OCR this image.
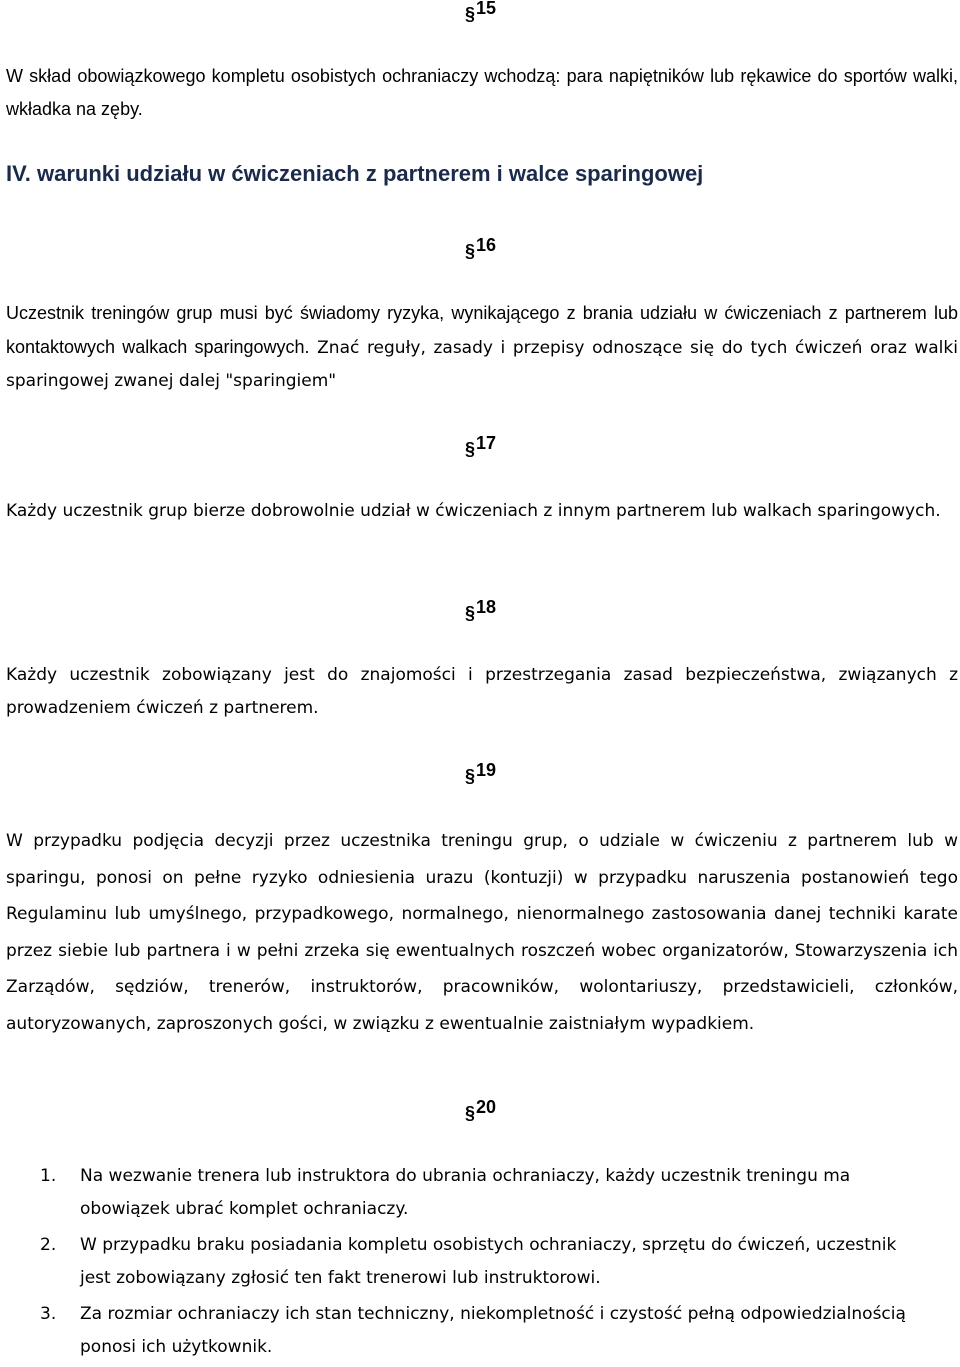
§15

W skład obowiązkowego kompletu osobistych ochraniaczy wchodzą: para napiętników lub rękawice do sportów walki, wkładka na zęby.

IV. warunki udziału w ćwiczeniach z partnerem i walce sparingowej
§16

Uczestnik treningów grup musi być świadomy ryzyka, wynikającego z brania udziału w ćwiczeniach z partnerem lub kontaktowych walkach sparingowych. Znać reguły, zasady i przepisy odnoszące się do tych ćwiczeń oraz walki sparingowej zwanej dalej "sparingiem"

§17

Każdy uczestnik grup bierze dobrowolnie udział w ćwiczeniach z innym partnerem lub walkach sparingowych.

§18

Każdy uczestnik zobowiązany jest do znajomości i przestrzegania zasad bezpieczeństwa, związanych z prowadzeniem ćwiczeń z partnerem.

§19

W przypadku podjęcia decyzji przez uczestnika treningu grup, o udziale w ćwiczeniu z partnerem lub w sparingu, ponosi on pełne ryzyko odniesienia urazu (kontuzji) w przypadku naruszenia postanowień tego Regulaminu lub umyślnego, przypadkowego, normalnego, nienormalnego zastosowania danej techniki karate przez siebie lub partnera i w pełni zrzeka się ewentualnych roszczeń wobec organizatorów, Stowarzyszenia ich Zarządów, sędziów, trenerów, instruktorów, pracowników, wolontariuszy, przedstawicieli, członków, autoryzowanych, zaproszonych gości, w związku z ewentualnie zaistniałym wypadkiem.

§20
1. Na wezwanie trenera lub instruktora do ubrania ochraniaczy, każdy uczestnik treningu ma obowiązek ubrać komplet ochraniaczy.
2. W przypadku braku posiadania kompletu osobistych ochraniaczy, sprzętu do ćwiczeń, uczestnik jest zobowiązany zgłosić ten fakt trenerowi lub instruktorowi.
3. Za rozmiar ochraniaczy ich stan techniczny, niekompletność i czystość pełną odpowiedzialnością ponosi ich użytkownik.
